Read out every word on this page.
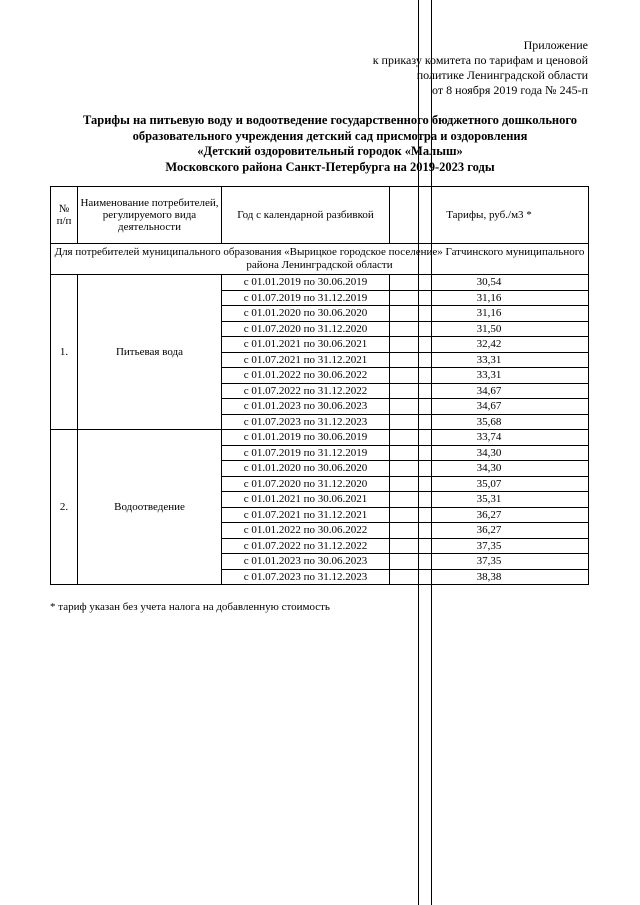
Приложение
к приказу комитета по тарифам и ценовой
политике Ленинградской области
от 8 ноября 2019 года № 245-п
Тарифы на питьевую воду и водоотведение государственного бюджетного дошкольного
образовательного учреждения детский сад присмотра и оздоровления
«Детский оздоровительный городок «Малыш»
Московского района Санкт-Петербурга на 2019-2023 годы
№ п/п	Наименование потребителей, регулируемого вида деятельности	Год с календарной разбивкой	Тарифы, руб./м3 *
Для потребителей муниципального образования «Вырицкое городское поселение» Гатчинского муниципального района Ленинградской области			
1.	Питьевая вода	с 01.01.2019 по 30.06.2019	30,54
		с 01.07.2019 по 31.12.2019	31,16
		с 01.01.2020 по 30.06.2020	31,16
		с 01.07.2020 по 31.12.2020	31,50
		с 01.01.2021 по 30.06.2021	32,42
		с 01.07.2021 по 31.12.2021	33,31
		с 01.01.2022 по 30.06.2022	33,31
		с 01.07.2022 по 31.12.2022	34,67
		с 01.01.2023 по 30.06.2023	34,67
		с 01.07.2023 по 31.12.2023	35,68
2.	Водоотведение	с 01.01.2019 по 30.06.2019	33,74
		с 01.07.2019 по 31.12.2019	34,30
		с 01.01.2020 по 30.06.2020	34,30
		с 01.07.2020 по 31.12.2020	35,07
		с 01.01.2021 по 30.06.2021	35,31
		с 01.07.2021 по 31.12.2021	36,27
		с 01.01.2022 по 30.06.2022	36,27
		с 01.07.2022 по 31.12.2022	37,35
		с 01.01.2023 по 30.06.2023	37,35
		с 01.07.2023 по 31.12.2023	38,38
* тариф указан без учета налога на добавленную стоимость
